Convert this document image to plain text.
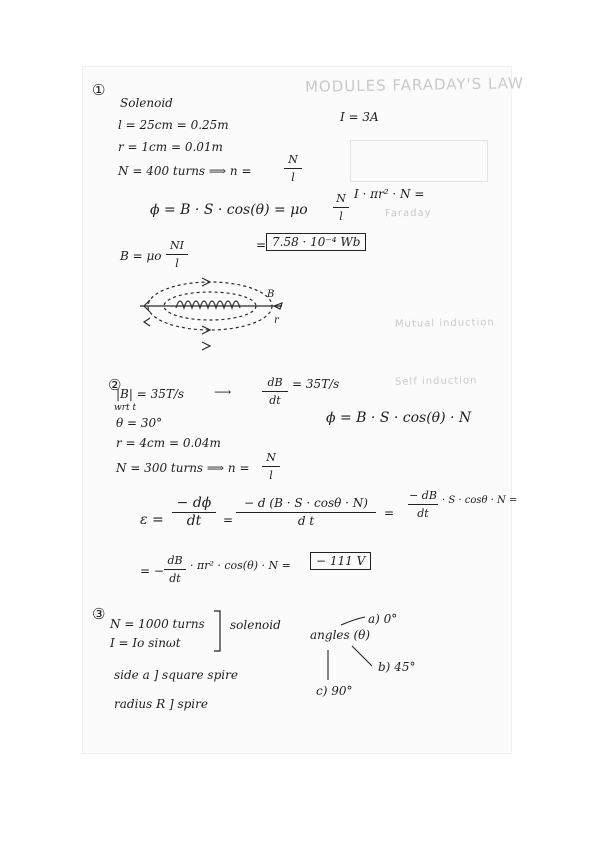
MODULES FARADAY'S LAW
Faraday
Mutual induction
Self induction
①
Solenoid
l = 25cm = 0.25m
I = 3A
r = 1cm = 0.01m
N = 400 turns ⟹ n =
N
l
ϕ = B · S · cos(θ) = μo
N
l
I · πr² · N =
B = μo
NI
l
= 7.58 · 10⁻⁴ Wb
B
r
②
|B| = 35T/s ⟶
dB
dt
= 35T/s
wrt t
θ = 30°	ϕ = B · S · cos(θ) · N
r = 4cm = 0.04m
N = 300 turns ⟹ n =
N
l
ε =
− dϕ
dt	=
− d (B · S · cosθ · N)
d t
=
− dB
dt
· S · cosθ · N =
= −
dB
dt
· πr² · cos(θ) · N =	− 111 V
③
N = 1000 turns
I = Io sinωt
solenoid
angles (θ)
a) 0°
b) 45°
c) 90°
side a ] square spire
radius R ] spire
